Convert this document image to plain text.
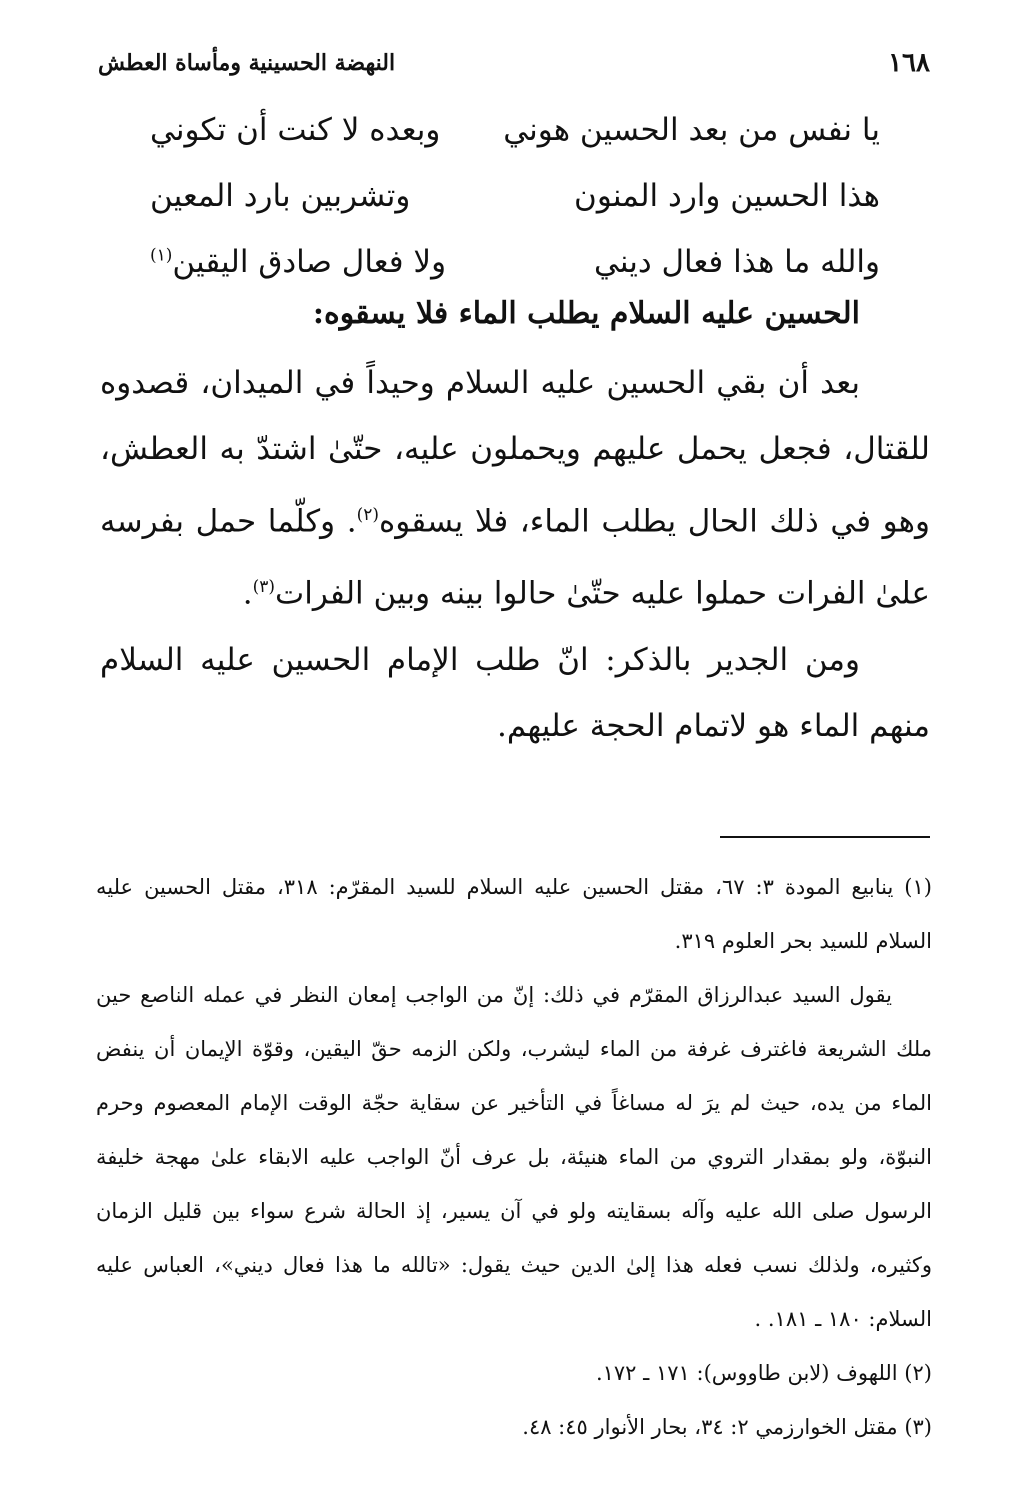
١٦٨
النهضة الحسينية ومأساة العطش
يا نفس من بعد الحسين هوني
وبعده لا كنت أن تكوني
هذا الحسين وارد المنون
وتشربين بارد المعين
والله ما هذا فعال ديني
ولا فعال صادق اليقين$^{(١)}$
الحسين عليه السلام يطلب الماء فلا يسقوه:

بعد أن بقي الحسين عليه السلام وحيداً في الميدان، قصدوه للقتال، فجعل يحمل عليهم ويحملون عليه، حتّىٰ اشتدّ به العطش، وهو في ذلك الحال يطلب الماء، فلا يسقوه$^{(٢)}$. وكلّما حمل بفرسه علىٰ الفرات حملوا عليه حتّىٰ حالوا بينه وبين الفرات$^{(٣)}$.

ومن الجدير بالذكر: انّ طلب الإمام الحسين عليه السلام منهم الماء هو لاتمام الحجة عليهم.

(١) ينابيع المودة ٣: ٦٧، مقتل الحسين عليه السلام للسيد المقرّم: ٣١٨، مقتل الحسين عليه السلام للسيد بحر العلوم ٣١٩.

يقول السيد عبدالرزاق المقرّم في ذلك: إنّ من الواجب إمعان النظر في عمله الناصع حين ملك الشريعة فاغترف غرفة من الماء ليشرب، ولكن الزمه حقّ اليقين، وقوّة الإيمان أن ينفض الماء من يده، حيث لم يرَ له مساغاً في التأخير عن سقاية حجّة الوقت الإمام المعصوم وحرم النبوّة، ولو بمقدار التروي من الماء هنيئة، بل عرف أنّ الواجب عليه الابقاء علىٰ مهجة خليفة الرسول صلى الله عليه وآله بسقايته ولو في آن يسير، إذ الحالة شرع سواء بين قليل الزمان وكثيره، ولذلك نسب فعله هذا إلىٰ الدين حيث يقول: «تالله ما هذا فعال ديني»، العباس عليه السلام: ١٨٠ ـ ١٨١. .

(٢) اللهوف (لابن طاووس): ١٧١ ـ ١٧٢.

(٣) مقتل الخوارزمي ٢: ٣٤، بحار الأنوار ٤٥: ٤٨.
